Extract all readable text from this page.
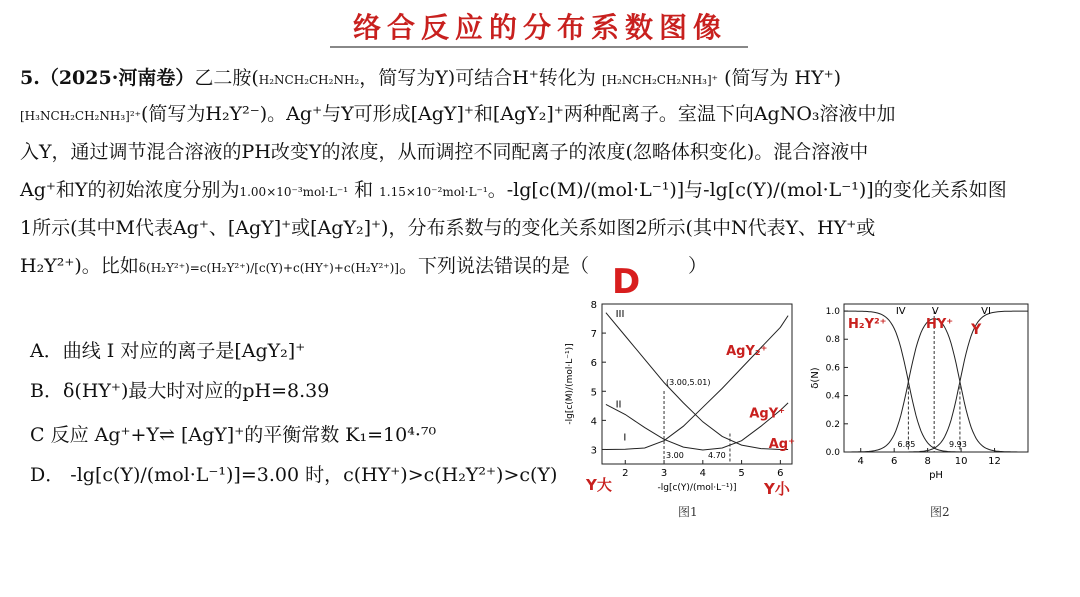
络合反应的分布系数图像
5.（2025·河南卷）乙二胺(H₂NCH₂CH₂NH₂，简写为Y)可结合H⁺转化为 [H₂NCH₂CH₂NH₃]⁺ (简写为 HY⁺)
[H₃NCH₂CH₂NH₃]²⁺(简写为H₂Y²⁻)。Ag⁺与Y可形成[AgY]⁺和[AgY₂]⁺两种配离子。室温下向AgNO₃溶液中加
入Y，通过调节混合溶液的PH改变Y的浓度，从而调控不同配离子的浓度(忽略体积变化)。混合溶液中
Ag⁺和Y的初始浓度分别为1.00×10⁻³mol·L⁻¹ 和 1.15×10⁻²mol·L⁻¹。-lg[c(M)/(mol·L⁻¹)]与-lg[c(Y)/(mol·L⁻¹)]的变化关系如图
1所示(其中M代表Ag⁺、[AgY]⁺或[AgY₂]⁺)，分布系数与的变化关系如图2所示(其中N代表Y、HY⁺或
H₂Y²⁺)。比如δ(H₂Y²⁺)=c(H₂Y²⁺)/[c(Y)+c(HY⁺)+c(H₂Y²⁺)]。下列说法错误的是（	）
D
A．曲线 I 对应的离子是[AgY₂]⁺
B．δ(HY⁺)最大时对应的pH=8.39
C 反应 Ag⁺+Y⇌ [AgY]⁺的平衡常数 K₁=10⁴·⁷⁰
D． -lg[c(Y)/(mol·L⁻¹)]=3.00 时，c(HY⁺)>c(H₂Y²⁺)>c(Y)	2	3	4	5	6
3
4
5
6
7
8
-lg[c(Y)/(mol·L⁻¹)]
-lg[c(M)/(mol·L⁻¹)]
III
II
I
(3.00,5.01)
3.00	4.70
AgY₂⁺
AgY⁺
Ag⁺
Y大	Y小
图1
4	6	8 10 12
0.0
0.2
0.4
0.6
0.8
1.0
pH
δ(N)
6.85	9.93
IV	V	VI
H₂Y²⁺	HY⁺ Y
图2
